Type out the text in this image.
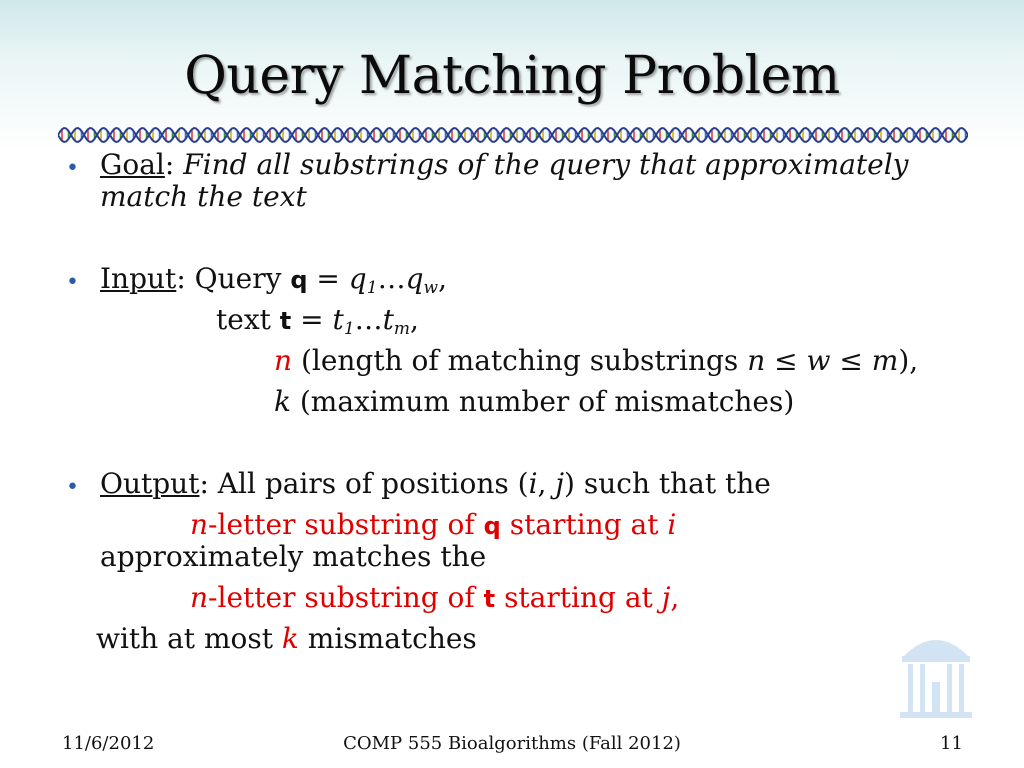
Query Matching Problem
• Goal: Find all substrings of the query that approximately
match the text
• Input: Query $q = q_1\dots q_w$,
text $t = t_1\dots t_m$,
n (length of matching substrings n ≤ w ≤ m),
k (maximum number of mismatches)
• Output: All pairs of positions (i, j) such that the
n-letter substring of q starting at i
approximately matches the
n-letter substring of t starting at j,
with at most k mismatches
11/6/2012	COMP 555 Bioalgorithms (Fall 2012)	11
